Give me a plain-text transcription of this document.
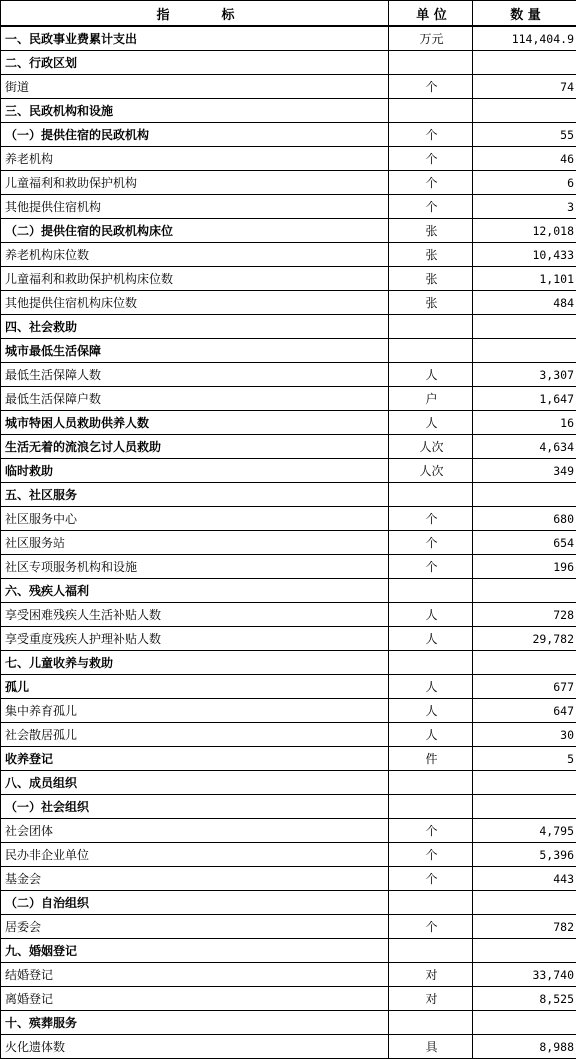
指　　　　标	单 位	数 量
一、民政事业费累计支出	万元	114,404.9
二、行政区划		
街道	个	74
三、民政机构和设施		
（一）提供住宿的民政机构	个	55
养老机构	个	46
儿童福利和救助保护机构	个	6
其他提供住宿机构	个	3
（二）提供住宿的民政机构床位	张	12,018
养老机构床位数	张	10,433
儿童福利和救助保护机构床位数	张	1,101
其他提供住宿机构床位数	张	484
四、社会救助		
城市最低生活保障		
最低生活保障人数	人	3,307
最低生活保障户数	户	1,647
城市特困人员救助供养人数	人	16
生活无着的流浪乞讨人员救助	人次	4,634
临时救助	人次	349
五、社区服务		
社区服务中心	个	680
社区服务站	个	654
社区专项服务机构和设施	个	196
六、残疾人福利		
享受困难残疾人生活补贴人数	人	728
享受重度残疾人护理补贴人数	人	29,782
七、儿童收养与救助		
孤儿	人	677
集中养育孤儿	人	647
社会散居孤儿	人	30
收养登记	件	5
八、成员组织		
（一）社会组织		
社会团体	个	4,795
民办非企业单位	个	5,396
基金会	个	443
（二）自治组织		
居委会	个	782
九、婚姻登记		
结婚登记	对	33,740
离婚登记	对	8,525
十、殡葬服务		
火化遗体数	具	8,988
